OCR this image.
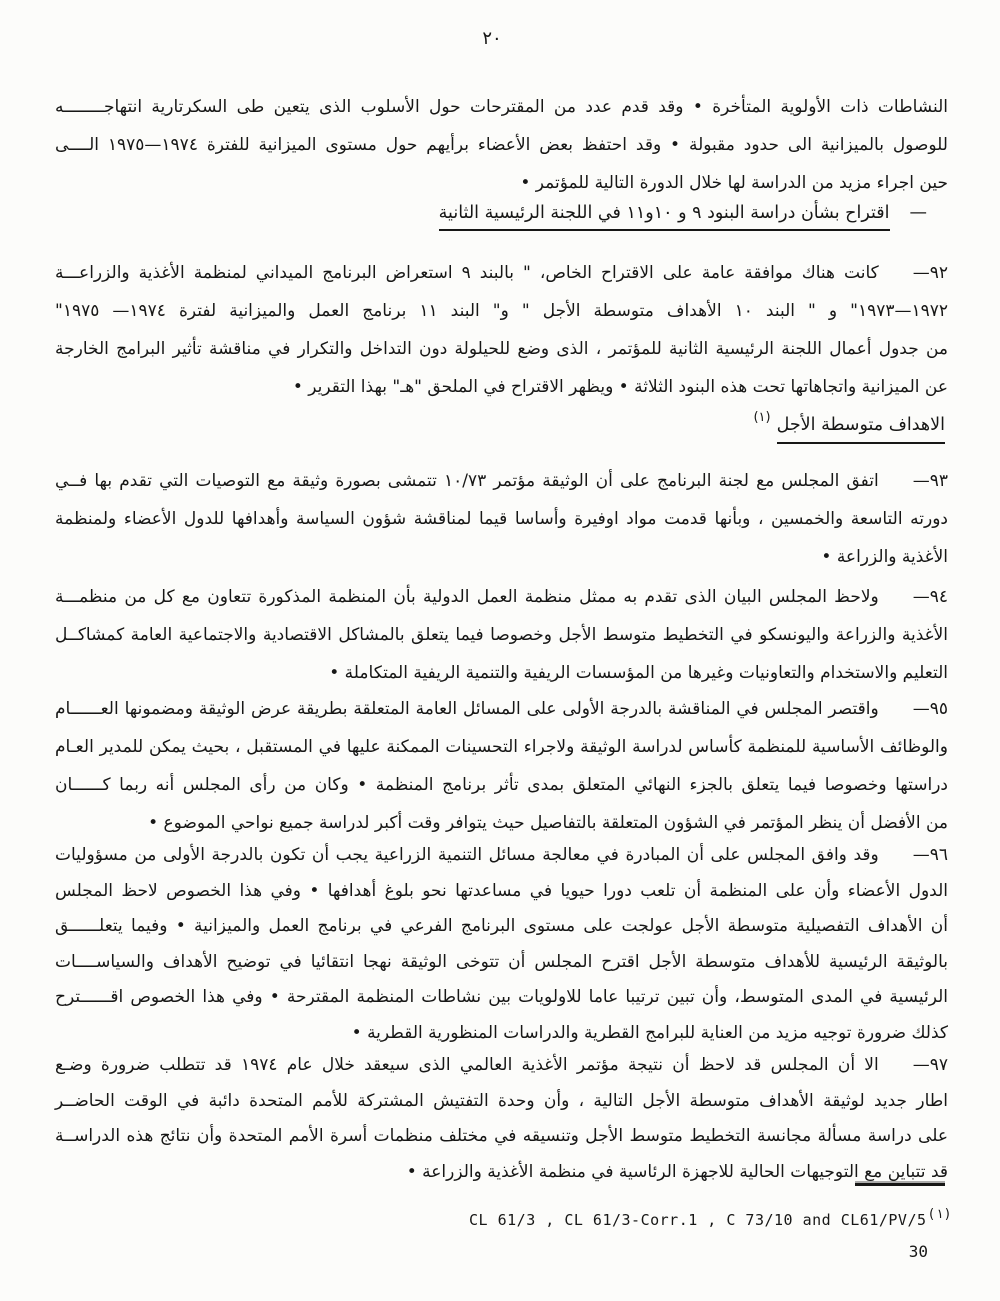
٢٠
النشاطات ذات الأولوية المتأخرة • وقد قدم عدد من المقترحات حول الأسلوب الذى يتعين طى السكرتارية انتهاجــــــــه
للوصول بالميزانية الى حدود مقبولة • وقد احتفظ بعض الأعضاء برأيهم حول مستوى الميزانية للفترة ١٩٧٤—١٩٧٥ الــــى
حين اجراء مزيد من الدراسة لها خلال الدورة التالية للمؤتمر •
—اقتراح بشأن دراسة البنود ٩ و ١٠و١١ في اللجنة الرئيسية الثانية
٩٢—  كانت هناك موافقة عامة على الاقتراح الخاص، " بالبند ٩ استعراض البرنامج الميداني لمنظمة الأغذية والزراعـــة
١٩٧٢—١٩٧٣" و " البند ١٠ الأهداف متوسطة الأجل " و" البند ١١ برنامج العمل والميزانية لفترة ١٩٧٤— ١٩٧٥"
من جدول أعمال اللجنة الرئيسية الثانية للمؤتمر ، الذى وضع للحيلولة دون التداخل والتكرار في مناقشة تأثير البرامج الخارجة
عن الميزانية واتجاهاتها تحت هذه البنود الثلاثة • ويظهر الاقتراح في الملحق "هـ" بهذا التقرير •
الاهداف متوسطة الأجل$^{(١)}$
٩٣—  اتفق المجلس مع لجنة البرنامج على أن الوثيقة مؤتمر ١٠/٧٣ تتمشى بصورة وثيقة مع التوصيات التي تقدم بها فــي
دورته التاسعة والخمسين ، وبأنها قدمت مواد اوفيرة وأساسا قيما لمناقشة شؤون السياسة وأهدافها للدول الأعضاء ولمنظمة
الأغذية والزراعة •
٩٤—  ولاحظ المجلس البيان الذى تقدم به ممثل منظمة العمل الدولية بأن المنظمة المذكورة تتعاون مع كل من منظمـــة
الأغذية والزراعة واليونسكو في التخطيط متوسط الأجل وخصوصا فيما يتعلق بالمشاكل الاقتصادية والاجتماعية العامة كمشاكــل
التعليم والاستخدام والتعاونيات وغيرها من المؤسسات الريفية والتنمية الريفية المتكاملة •
٩٥—  واقتصر المجلس في المناقشة بالدرجة الأولى على المسائل العامة المتعلقة بطريقة عرض الوثيقة ومضمونها العــــــام
والوظائف الأساسية للمنظمة كأساس لدراسة الوثيقة ولاجراء التحسينات الممكنة عليها في المستقبل ، بحيث يمكن للمدير العـام
دراستها وخصوصا فيما يتعلق بالجزء النهائي المتعلق بمدى تأثر برنامج المنظمة • وكان من رأى المجلس أنه ربما كــــــان
من الأفضل أن ينظر المؤتمر في الشؤون المتعلقة بالتفاصيل حيث يتوافر وقت أكبر لدراسة جميع نواحي الموضوع •
٩٦—  وقد وافق المجلس على أن المبادرة في معالجة مسائل التنمية الزراعية يجب أن تكون بالدرجة الأولى من مسؤوليات
الدول الأعضاء وأن على المنظمة أن تلعب دورا حيويا في مساعدتها نحو بلوغ أهدافها • وفي هذا الخصوص لاحظ المجلس
أن الأهداف التفصيلية متوسطة الأجل عولجت على مستوى البرنامج الفرعي في برنامج العمل والميزانية • وفيما يتعلــــــق
بالوثيقة الرئيسية للأهداف متوسطة الأجل اقترح المجلس أن تتوخى الوثيقة نهجا انتقائيا في توضيح الأهداف والسياســــات
الرئيسية في المدى المتوسط، وأن تبين ترتيبا عاما للاولويات بين نشاطات المنظمة المقترحة • وفي هذا الخصوص اقــــــترح
كذلك ضرورة توجيه مزيد من العناية للبرامج القطرية والدراسات المنظورية القطرية •
٩٧—  الا أن المجلس قد لاحظ أن نتيجة مؤتمر الأغذية العالمي الذى سيعقد خلال عام ١٩٧٤ قد تتطلب ضرورة وضـع
اطار جديد لوثيقة الأهداف متوسطة الأجل التالية ، وأن وحدة التفتيش المشتركة للأمم المتحدة دائبة في الوقت الحاضــر
على دراسة مسألة مجانسة التخطيط متوسط الأجل وتنسيقه في مختلف منظمات أسرة الأمم المتحدة وأن نتائج هذه الدراســة
قد تتباين مع التوجيهات الحالية للاجهزة الرئاسية في منظمة الأغذية والزراعة •
CL 61/3 , CL 61/3-Corr.1 , C 73/10 and CL61/PV/5$^{(١)}$
30
